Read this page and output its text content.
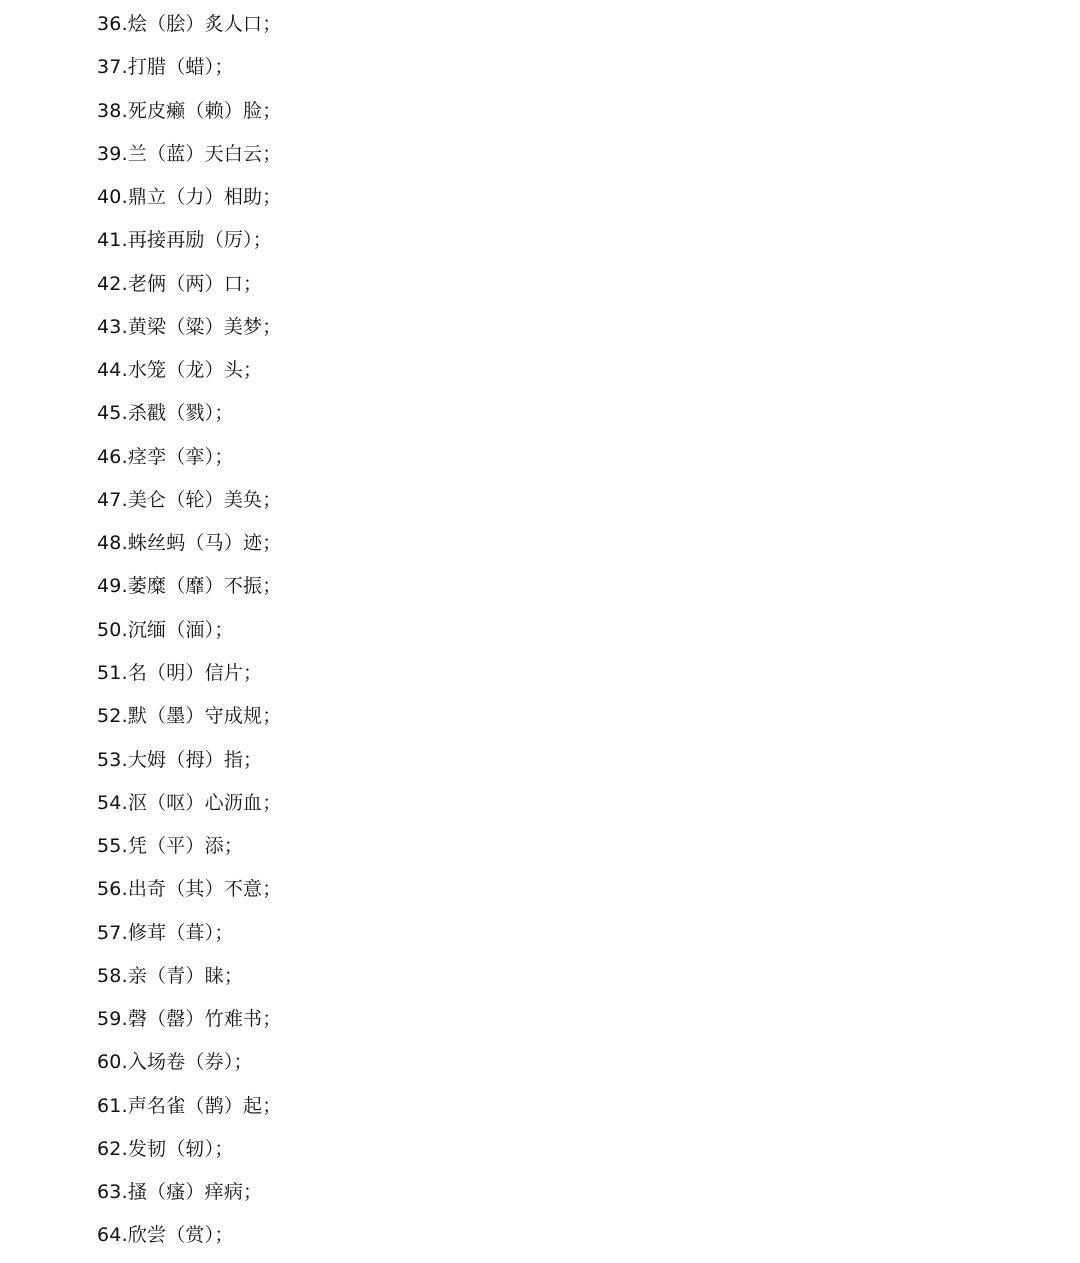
36.烩（脍）炙人口；
37.打腊（蜡）；
38.死皮癞（赖）脸；
39.兰（蓝）天白云；
40.鼎立（力）相助；
41.再接再励（厉）；
42.老俩（两）口；
43.黄梁（粱）美梦；
44.水笼（龙）头；
45.杀戳（戮）；
46.痉孪（挛）；
47.美仑（轮）美奂；
48.蛛丝蚂（马）迹；
49.萎糜（靡）不振；
50.沉缅（湎）；
51.名（明）信片；
52.默（墨）守成规；
53.大姆（拇）指；
54.沤（呕）心沥血；
55.凭（平）添；
56.出奇（其）不意；
57.修茸（葺）；
58.亲（青）睐；
59.磬（罄）竹难书；
60.入场卷（券）；
61.声名雀（鹊）起；
62.发韧（轫）；
63.搔（瘙）痒病；
64.欣尝（赏）；
